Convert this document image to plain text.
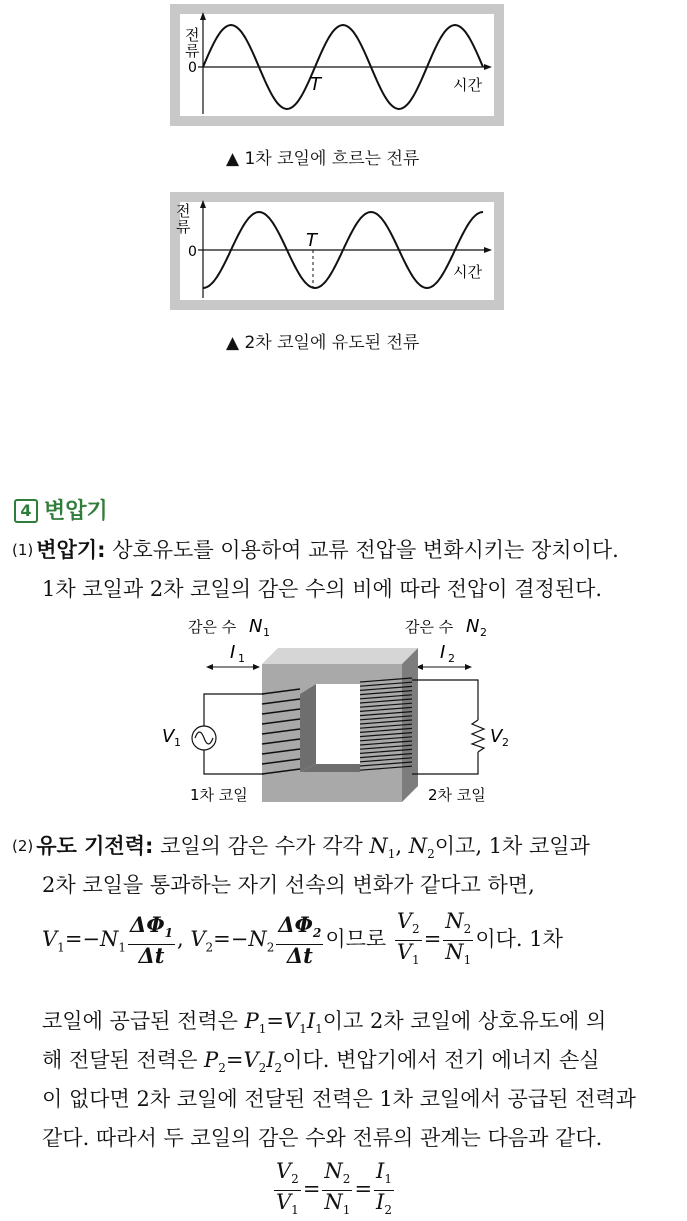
전
류
0
T	시간
▲ 1차 코일에 흐르는 전류
전
류
0
T
시간
▲ 2차 코일에 유도된 전류
4 변압기
(1) 변압기: 상호유도를 이용하여 교류 전압을 변화시키는 장치이다.
1차 코일과 2차 코일의 감은 수의 비에 따라 전압이 결정된다.
감은 수 N 1	감은 수 N 2
I 1	I 2
V 1	V 2
1차 코일	2차 코일
(2) 유도 기전력: 코일의 감은 수가 각각 $N_1$, $N_2$이고, 1차 코일과
2차 코일을 통과하는 자기 선속의 변화가 같다고 하면,
$V_1=-N_1 \frac{\Delta\Phi_1}{\Delta t}$ , $V_2=-N_2 \frac{\Delta\Phi_2}{\Delta t}$ 이므로 $\frac{V_2}{V_1} = \frac{N_2}{N_1}$ 이다. 1차
코일에 공급된 전력은 $P_1=V_1I_1$이고 2차 코일에 상호유도에 의
해 전달된 전력은 $P_2=V_2I_2$이다. 변압기에서 전기 에너지 손실
이 없다면 2차 코일에 전달된 전력은 1차 코일에서 공급된 전력과
같다. 따라서 두 코일의 감은 수와 전류의 관계는 다음과 같다.
$\frac{V_2}{V_1} = \frac{N_2}{N_1} = \frac{I_1}{I_2}$
